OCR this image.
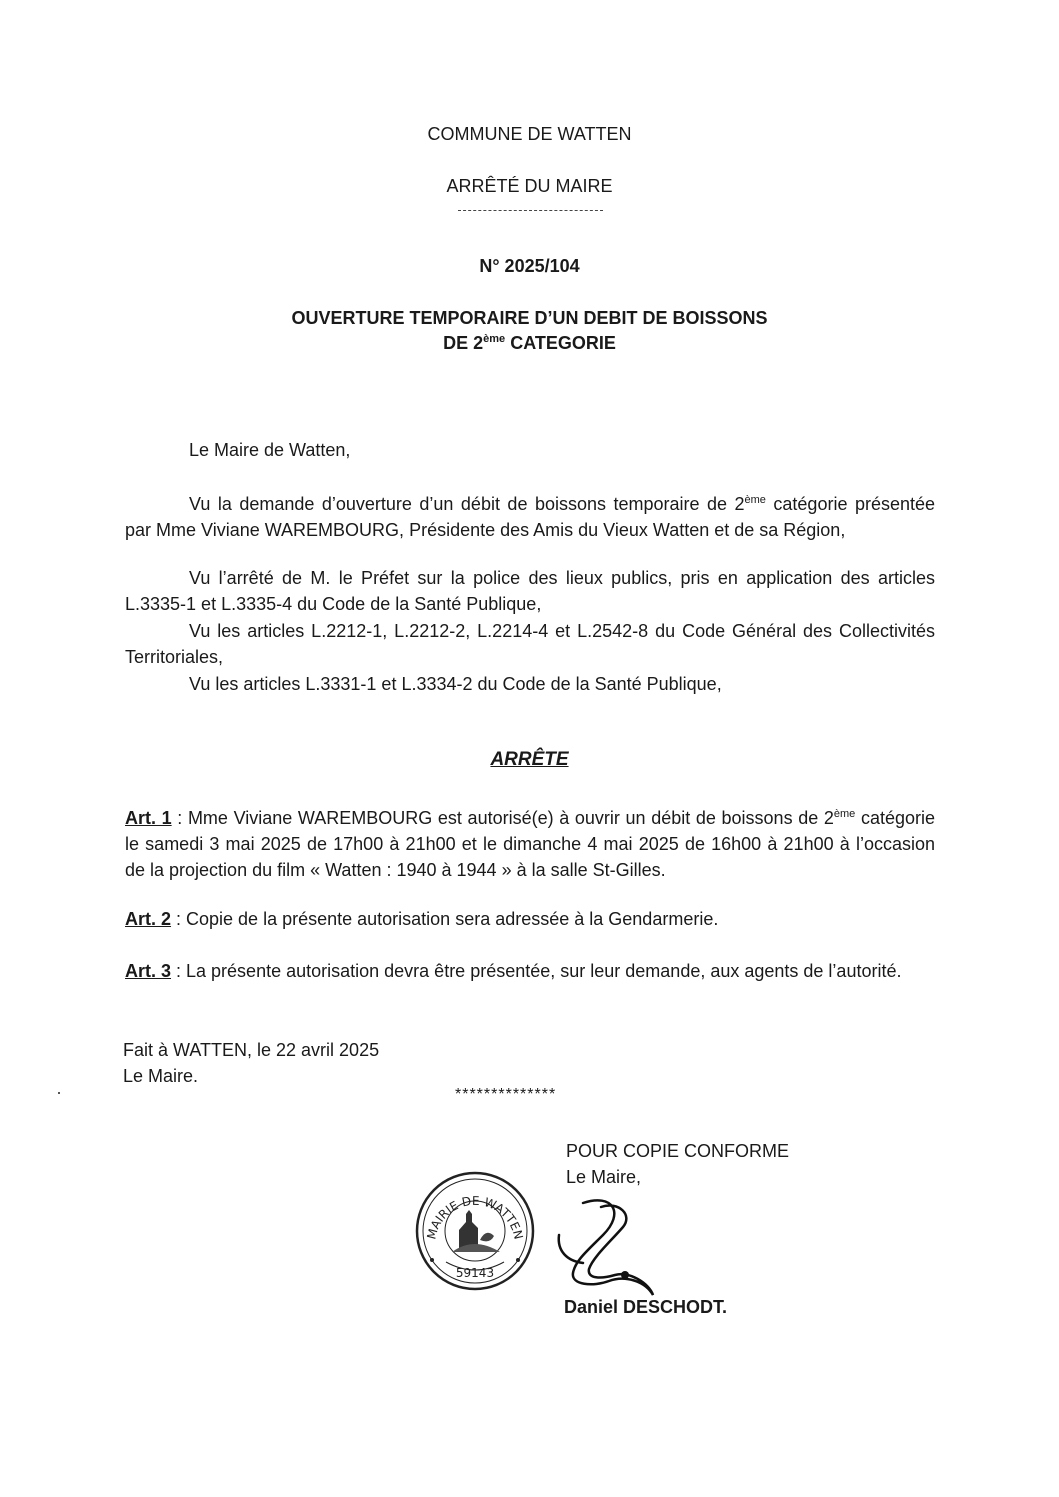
COMMUNE DE WATTEN
ARRÊTÉ DU MAIRE
N° 2025/104
OUVERTURE TEMPORAIRE D’UN DEBIT DE BOISSONS
DE 2ème CATEGORIE
Le Maire de Watten,
Vu la demande d’ouverture d’un débit de boissons temporaire de 2ème catégorie présentée par Mme Viviane WAREMBOURG, Présidente des Amis du Vieux Watten et de sa Région,
Vu l’arrêté de M. le Préfet sur la police des lieux publics, pris en application des articles L.3335-1 et L.3335-4 du Code de la Santé Publique,
Vu les articles L.2212-1, L.2212-2, L.2214-4 et L.2542-8 du Code Général des Collectivités Territoriales,
Vu les articles L.3331-1 et L.3334-2 du Code de la Santé Publique,
ARRÊTE
Art. 1 : Mme Viviane WAREMBOURG est autorisé(e) à ouvrir un débit de boissons de 2ème catégorie le samedi 3 mai 2025 de 17h00 à 21h00 et le dimanche 4 mai 2025 de 16h00 à 21h00 à l’occasion de la projection du film « Watten : 1940 à 1944 » à la salle St-Gilles.
Art. 2 : Copie de la présente autorisation sera adressée à la Gendarmerie.
Art. 3 : La présente autorisation devra être présentée, sur leur demande, aux agents de l’autorité.
Fait à WATTEN, le 22 avril 2025
Le Maire.
**************
POUR COPIE CONFORME
Le Maire,
MAIRIE DE WATTEN
59143
Daniel DESCHODT.
